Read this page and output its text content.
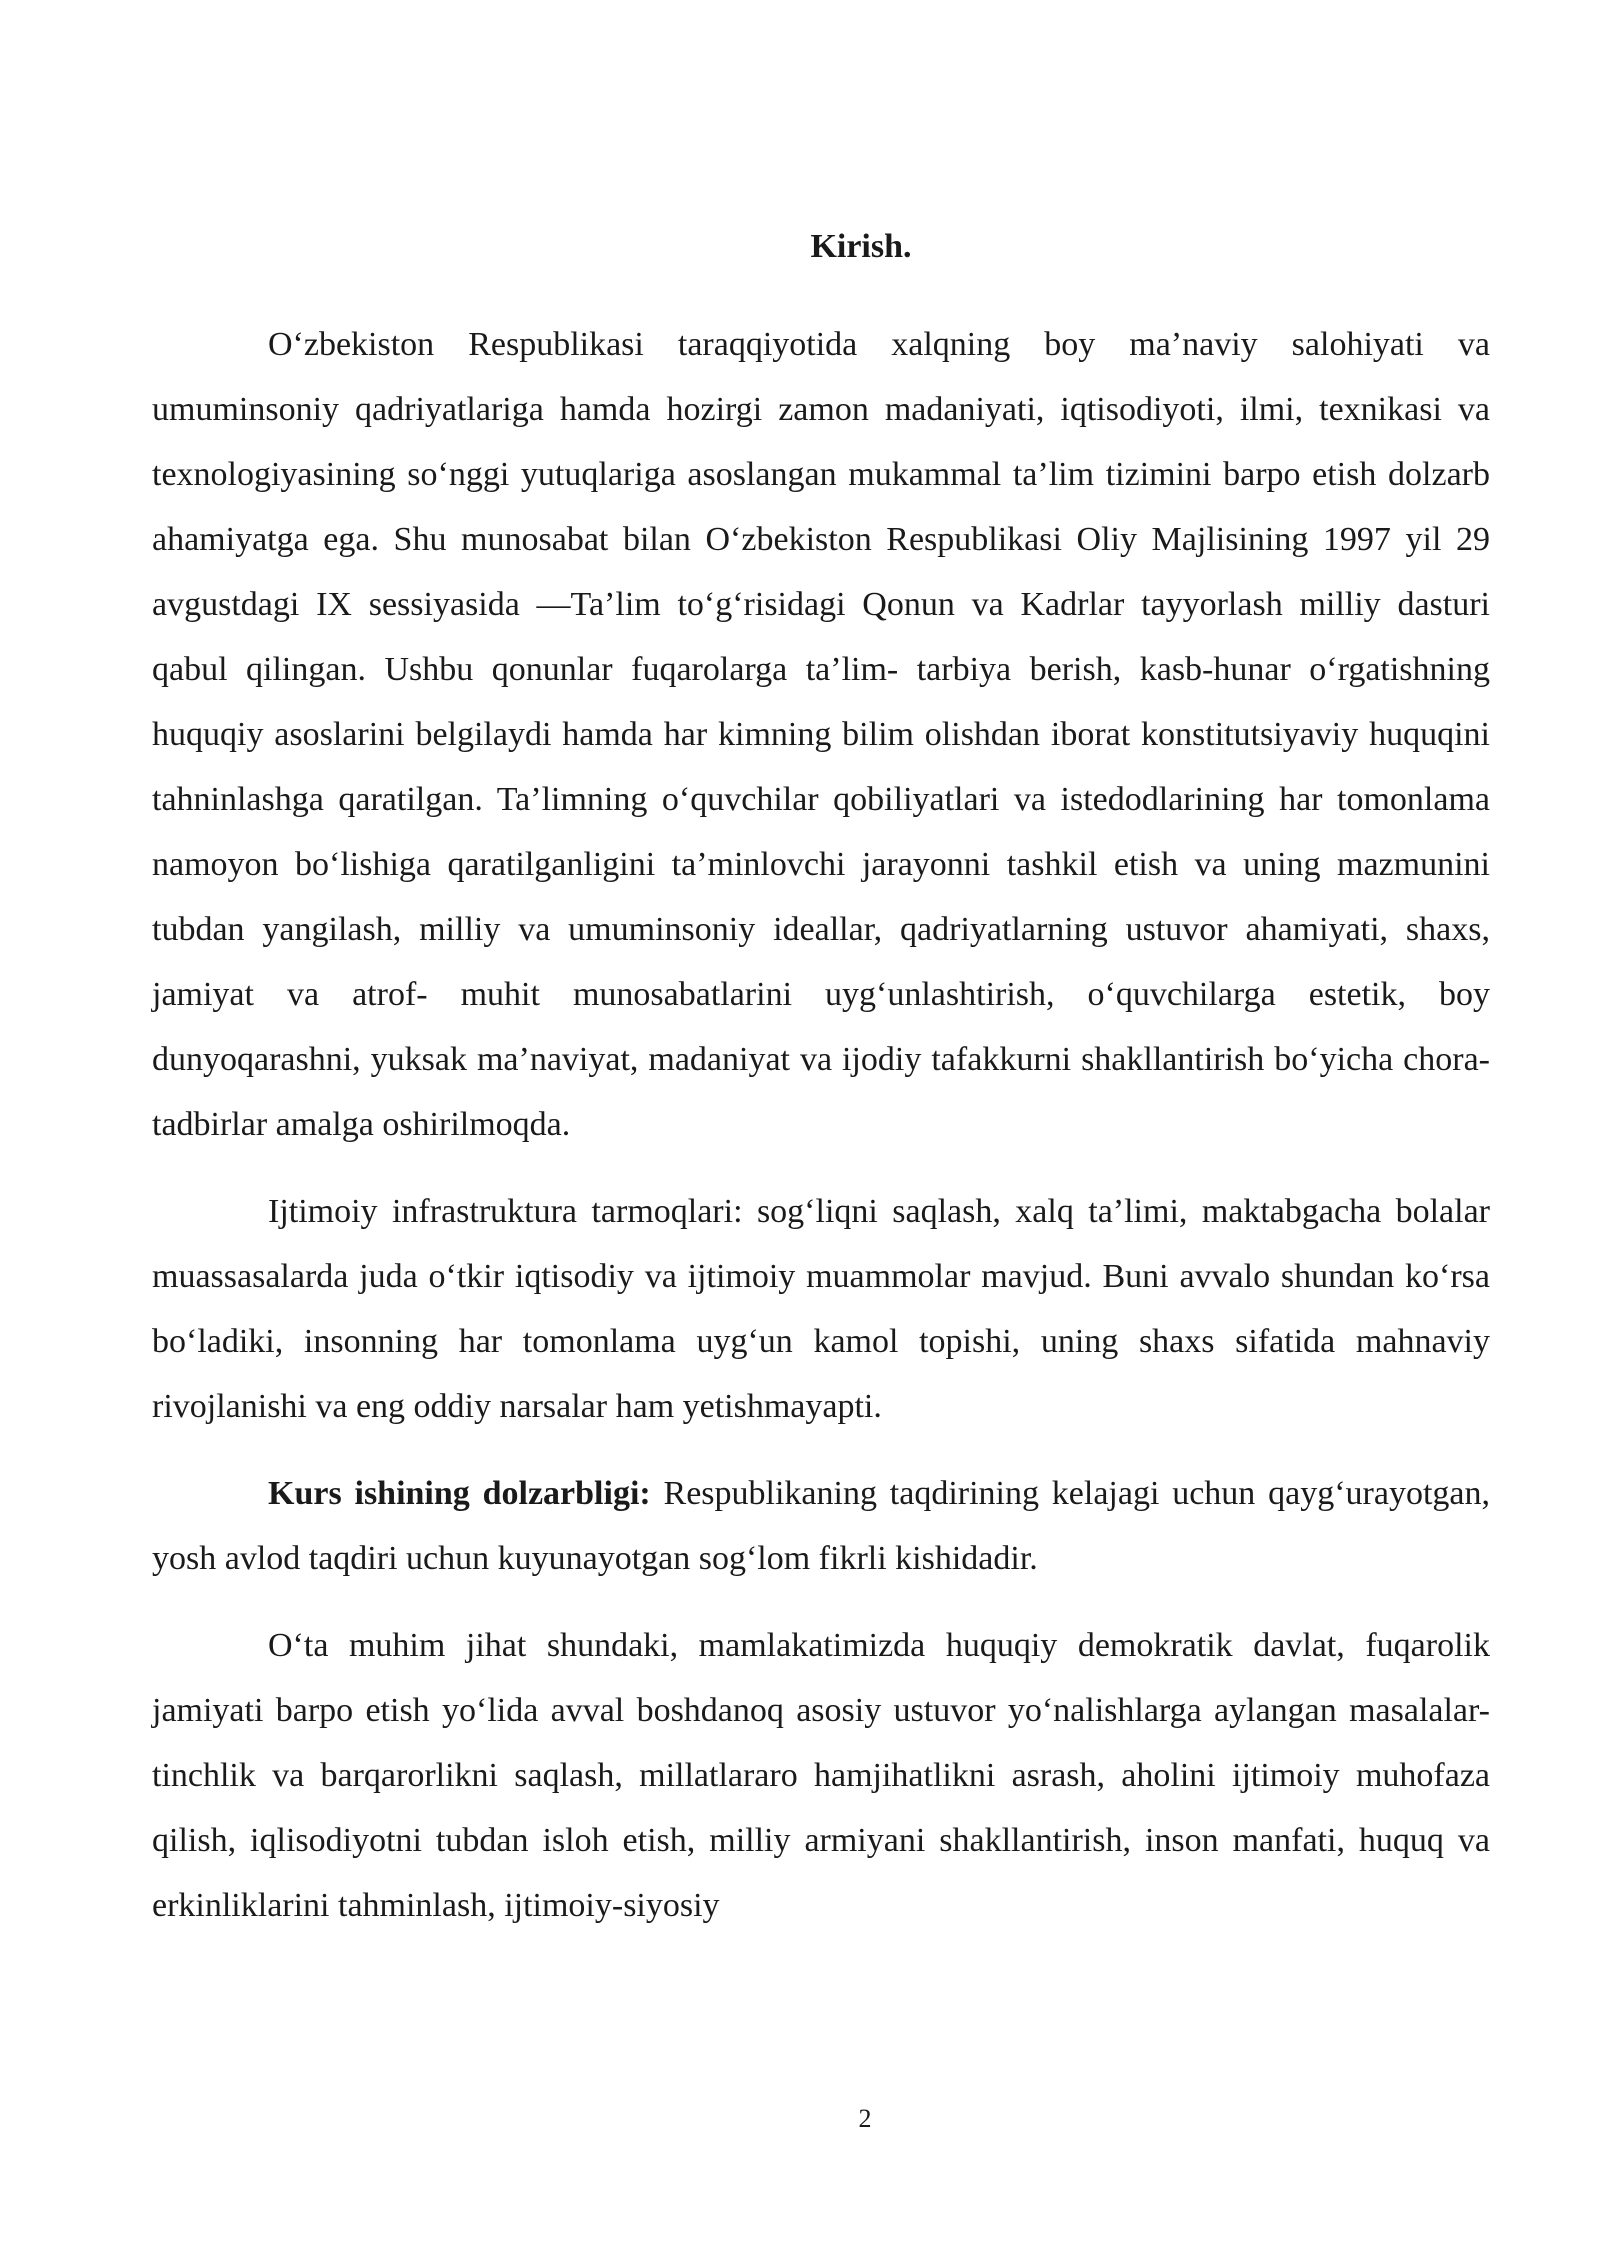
Kirish.

O‘zbekiston Respublikasi taraqqiyotida xalqning boy ma’naviy salohiyati va umuminsoniy qadriyatlariga hamda hozirgi zamon madaniyati, iqtisodiyoti, ilmi, texnikasi va texnologiyasining so‘nggi yutuqlariga asoslangan mukammal ta’lim tizimini barpo etish dolzarb ahamiyatga ega. Shu munosabat bilan O‘zbekiston Respublikasi Oliy Majlisining 1997 yil 29 avgustdagi IX sessiyasida ―Ta’lim to‘g‘risidagi Qonun va Kadrlar tayyorlash milliy dasturi qabul qilingan. Ushbu qonunlar fuqarolarga ta’lim- tarbiya berish, kasb-hunar o‘rgatishning huquqiy asoslarini belgilaydi hamda har kimning bilim olishdan iborat konstitutsiyaviy huquqini tahninlashga qaratilgan. Ta’limning o‘quvchilar qobiliyatlari va istedodlarining har tomonlama namoyon bo‘lishiga qaratilganligini ta’minlovchi jarayonni tashkil etish va uning mazmunini tubdan yangilash, milliy va umuminsoniy ideallar, qadriyatlarning ustuvor ahamiyati, shaxs, jamiyat va atrof- muhit munosabatlarini uyg‘unlashtirish, o‘quvchilarga estetik, boy dunyoqarashni, yuksak ma’naviyat, madaniyat va ijodiy tafakkurni shakllantirish bo‘yicha chora- tadbirlar amalga oshirilmoqda.

Ijtimoiy infrastruktura tarmoqlari: sog‘liqni saqlash, xalq ta’limi, maktabgacha bolalar muassasalarda juda o‘tkir iqtisodiy va ijtimoiy muammolar mavjud. Buni avvalo shundan ko‘rsa bo‘ladiki, insonning har tomonlama uyg‘un kamol topishi, uning shaxs sifatida mahnaviy rivojlanishi va eng oddiy narsalar ham yetishmayapti.

Kurs ishining dolzarbligi: Respublikaning taqdirining kelajagi uchun qayg‘urayotgan, yosh avlod taqdiri uchun kuyunayotgan sog‘lom fikrli kishidadir.

O‘ta muhim jihat shundaki, mamlakatimizda huquqiy demokratik davlat, fuqarolik jamiyati barpo etish yo‘lida avval boshdanoq asosiy ustuvor yo‘nalishlarga aylangan masalalar- tinchlik va barqarorlikni saqlash, millatlararo hamjihatlikni asrash, aholini ijtimoiy muhofaza qilish, iqlisodiyotni tubdan isloh etish, milliy armiyani shakllantirish, inson manfati, huquq va erkinliklarini tahminlash, ijtimoiy-siyosiy

2
